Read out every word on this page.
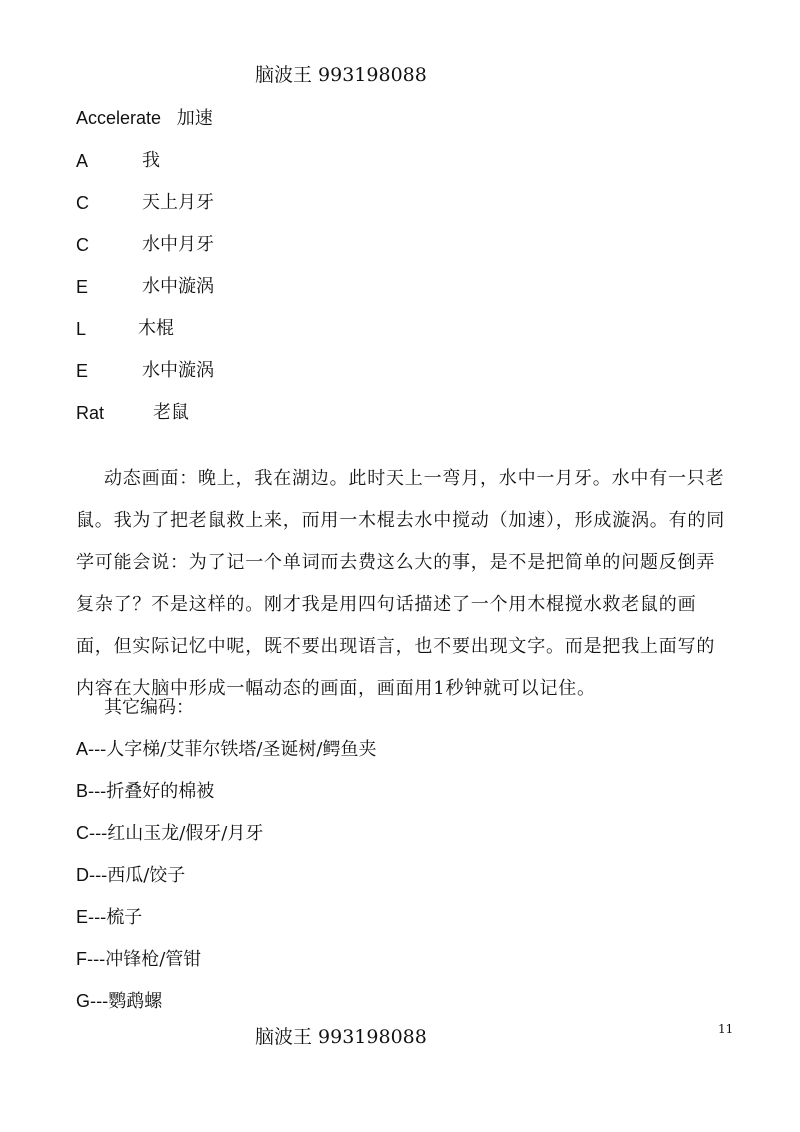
脑波王 993198088
Accelerate 加速
A	我
C	天上月牙
C	水中月牙
E	水中漩涡
L	木棍
E	水中漩涡
Rat	老鼠

动态画面：晚上，我在湖边。此时天上一弯月，水中一月牙。水中有一只老鼠。我为了把老鼠救上来，而用一木棍去水中搅动（加速），形成漩涡。有的同学可能会说：为了记一个单词而去费这么大的事，是不是把简单的问题反倒弄复杂了？不是这样的。刚才我是用四句话描述了一个用木棍搅水救老鼠的画面，但实际记忆中呢，既不要出现语言，也不要出现文字。而是把我上面写的内容在大脑中形成一幅动态的画面，画面用1秒钟就可以记住。

其它编码：
A---人字梯/艾菲尔铁塔/圣诞树/鳄鱼夹
B---折叠好的棉被
C---红山玉龙/假牙/月牙
D---西瓜/饺子
E---梳子
F---冲锋枪/管钳
G---鹦鹉螺
脑波王 993198088	11
